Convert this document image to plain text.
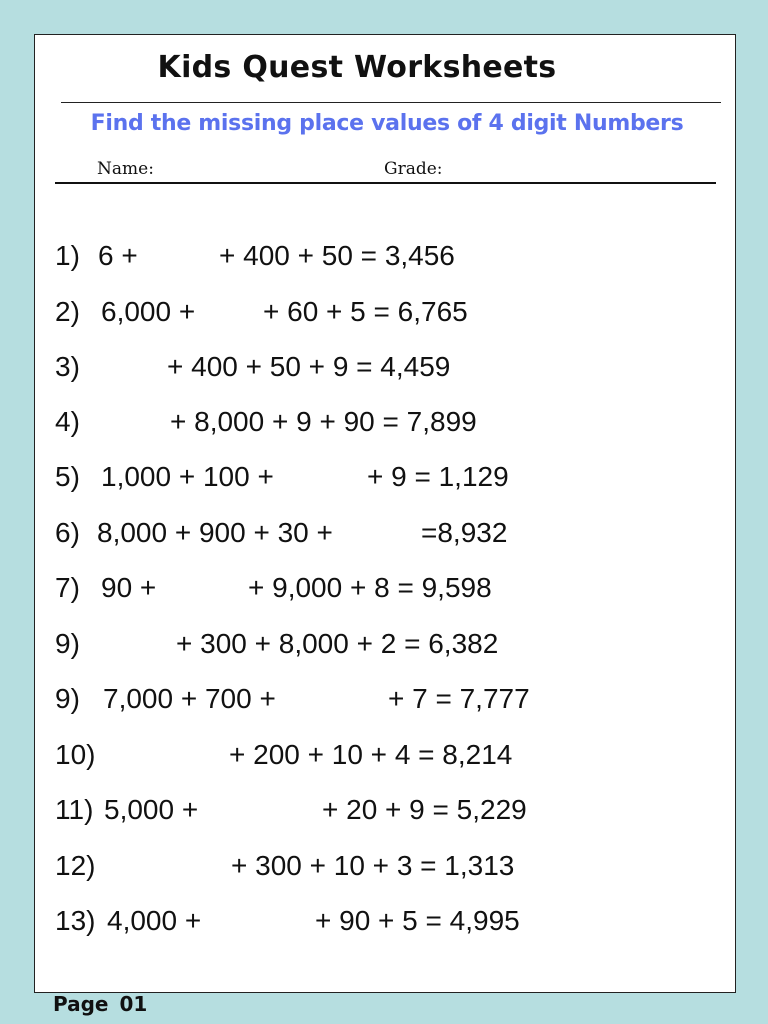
Kids Quest Worksheets
Find the missing place values of 4 digit Numbers
Name:	Grade:
1) 6 +	+ 400 + 50 = 3,456
2) 6,000 + + 60 + 5 = 6,765
3)	+ 400 + 50 + 9 = 4,459
4)	+ 8,000 + 9 + 90 = 7,899
5) 1,000 + 100 +	+ 9 = 1,129
6) 8,000 + 900 + 30 +	=8,932
7) 90 +	+ 9,000 + 8 = 9,598
9)	+ 300 + 8,000 + 2 = 6,382
9) 7,000 + 700 +	+ 7 = 7,777
10)	+ 200 + 10 + 4 = 8,214
11) 5,000 +	+ 20 + 9 = 5,229
12)	+ 300 + 10 + 3 = 1,313
13) 4,000 +	+ 90 + 5 = 4,995
Page 01
